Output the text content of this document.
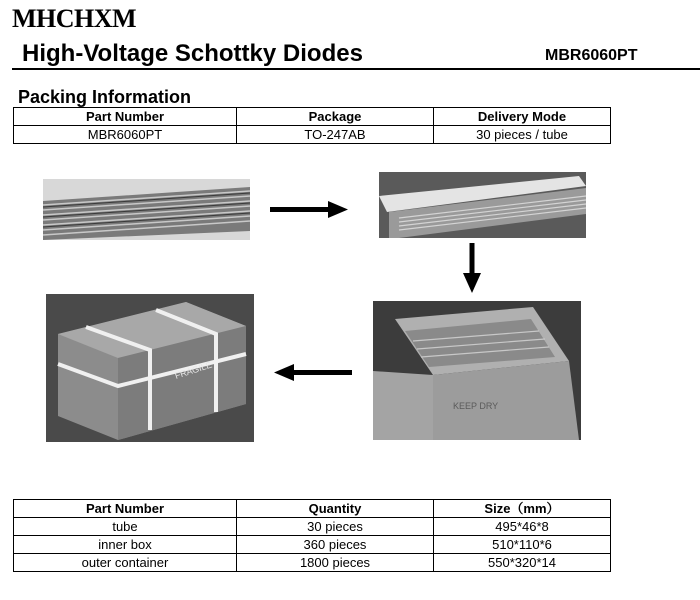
MHCHXM
High-Voltage Schottky Diodes	MBR6060PT
Packing Information
Part Number	Package	Delivery Mode
MBR6060PT	TO-247AB	30 pieces / tube
FRAGILE
KEEP DRY
Part Number	Quantity	Size（mm）
tube	30 pieces	495*46*8
inner box	360 pieces	510*110*6
outer container	1800 pieces	550*320*14
